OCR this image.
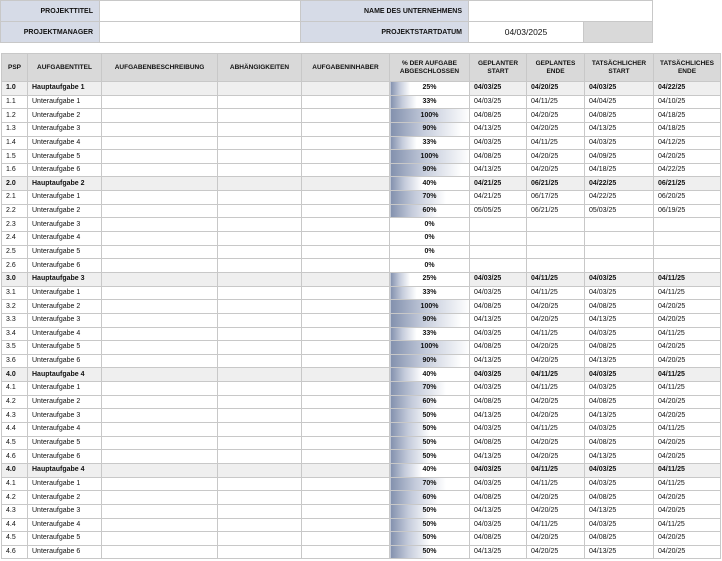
PROJEKTTITEL		NAME DES UNTERNEHMENS		
PROJEKTMANAGER		PROJEKTSTARTDATUM	04/03/2025	
PSP	AUFGABENTITEL	AUFGABENBESCHREIBUNG	ABHÄNGIGKEITEN	AUFGABENINHABER	% DER AUFGABE ABGESCHLOSSEN	GEPLANTER START	GEPLANTES ENDE	TATSÄCHLICHER START	TATSÄCHLICHES ENDE
1.0	Hauptaufgabe 1				25%	04/03/25	04/20/25	04/03/25	04/22/25
1.1	Unteraufgabe 1				33%	04/03/25	04/11/25	04/04/25	04/10/25
1.2	Unteraufgabe 2				100%	04/08/25	04/20/25	04/08/25	04/18/25
1.3	Unteraufgabe 3				90%	04/13/25	04/20/25	04/13/25	04/18/25
1.4	Unteraufgabe 4				33%	04/03/25	04/11/25	04/03/25	04/12/25
1.5	Unteraufgabe 5				100%	04/08/25	04/20/25	04/09/25	04/20/25
1.6	Unteraufgabe 6				90%	04/13/25	04/20/25	04/18/25	04/22/25
2.0	Hauptaufgabe 2				40%	04/21/25	06/21/25	04/22/25	06/21/25
2.1	Unteraufgabe 1				70%	04/21/25	06/17/25	04/22/25	06/20/25
2.2	Unteraufgabe 2				60%	05/05/25	06/21/25	05/03/25	06/19/25
2.3	Unteraufgabe 3				0%				
2.4	Unteraufgabe 4				0%				
2.5	Unteraufgabe 5				0%				
2.6	Unteraufgabe 6				0%				
3.0	Hauptaufgabe 3				25%	04/03/25	04/11/25	04/03/25	04/11/25
3.1	Unteraufgabe 1				33%	04/03/25	04/11/25	04/03/25	04/11/25
3.2	Unteraufgabe 2				100%	04/08/25	04/20/25	04/08/25	04/20/25
3.3	Unteraufgabe 3				90%	04/13/25	04/20/25	04/13/25	04/20/25
3.4	Unteraufgabe 4				33%	04/03/25	04/11/25	04/03/25	04/11/25
3.5	Unteraufgabe 5				100%	04/08/25	04/20/25	04/08/25	04/20/25
3.6	Unteraufgabe 6				90%	04/13/25	04/20/25	04/13/25	04/20/25
4.0	Hauptaufgabe 4				40%	04/03/25	04/11/25	04/03/25	04/11/25
4.1	Unteraufgabe 1				70%	04/03/25	04/11/25	04/03/25	04/11/25
4.2	Unteraufgabe 2				60%	04/08/25	04/20/25	04/08/25	04/20/25
4.3	Unteraufgabe 3				50%	04/13/25	04/20/25	04/13/25	04/20/25
4.4	Unteraufgabe 4				50%	04/03/25	04/11/25	04/03/25	04/11/25
4.5	Unteraufgabe 5				50%	04/08/25	04/20/25	04/08/25	04/20/25
4.6	Unteraufgabe 6				50%	04/13/25	04/20/25	04/13/25	04/20/25
4.0	Hauptaufgabe 4				40%	04/03/25	04/11/25	04/03/25	04/11/25
4.1	Unteraufgabe 1				70%	04/03/25	04/11/25	04/03/25	04/11/25
4.2	Unteraufgabe 2				60%	04/08/25	04/20/25	04/08/25	04/20/25
4.3	Unteraufgabe 3				50%	04/13/25	04/20/25	04/13/25	04/20/25
4.4	Unteraufgabe 4				50%	04/03/25	04/11/25	04/03/25	04/11/25
4.5	Unteraufgabe 5				50%	04/08/25	04/20/25	04/08/25	04/20/25
4.6	Unteraufgabe 6				50%	04/13/25	04/20/25	04/13/25	04/20/25
